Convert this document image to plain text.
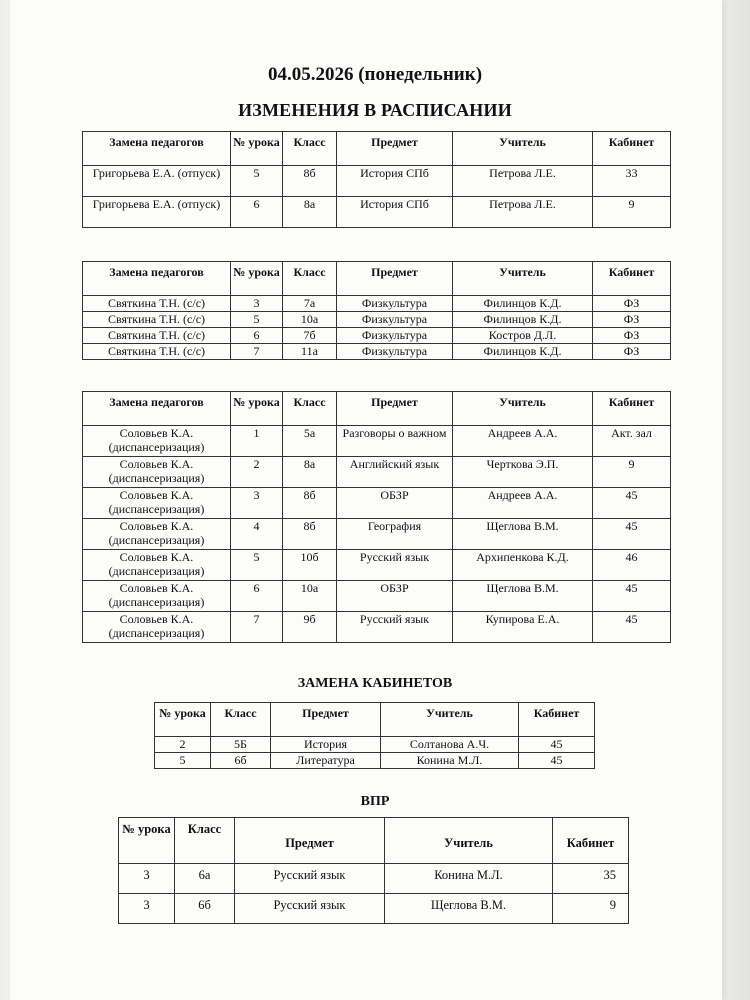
04.05.2026 (понедельник)
ИЗМЕНЕНИЯ В РАСПИСАНИИ
Замена педагогов	№ урока	Класс	Предмет	Учитель	Кабинет
Григорьева Е.А. (отпуск)	5	8б	История СПб	Петрова Л.Е.	33
Григорьева Е.А. (отпуск)	6	8а	История СПб	Петрова Л.Е.	9
Замена педагогов	№ урока	Класс	Предмет	Учитель	Кабинет
Святкина Т.Н. (с/с)	3	7а	Физкультура	Филинцов К.Д.	ФЗ
Святкина Т.Н. (с/с)	5	10а	Физкультура	Филинцов К.Д.	ФЗ
Святкина Т.Н. (с/с)	6	7б	Физкультура	Костров Д.Л.	ФЗ
Святкина Т.Н. (с/с)	7	11а	Физкультура	Филинцов К.Д.	ФЗ
Замена педагогов	№ урока	Класс	Предмет	Учитель	Кабинет
Соловьев К.А. (диспансеризация)	1	5а	Разговоры о важном	Андреев А.А.	Акт. зал
Соловьев К.А. (диспансеризация)	2	8а	Английский язык	Черткова Э.П.	9
Соловьев К.А. (диспансеризация)	3	8б	ОБЗР	Андреев А.А.	45
Соловьев К.А. (диспансеризация)	4	8б	География	Щеглова В.М.	45
Соловьев К.А. (диспансеризация)	5	10б	Русский язык	Архипенкова К.Д.	46
Соловьев К.А. (диспансеризация)	6	10а	ОБЗР	Щеглова В.М.	45
Соловьев К.А. (диспансеризация)	7	9б	Русский язык	Купирова Е.А.	45
ЗАМЕНА КАБИНЕТОВ
№ урока	Класс	Предмет	Учитель	Кабинет
2	5Б	История	Солтанова А.Ч.	45
5	6б	Литература	Конина М.Л.	45
ВПР
№ урока	Класс	Предмет	Учитель	Кабинет
3	6а	Русский язык	Конина М.Л.	35
3	6б	Русский язык	Щеглова В.М.	9
